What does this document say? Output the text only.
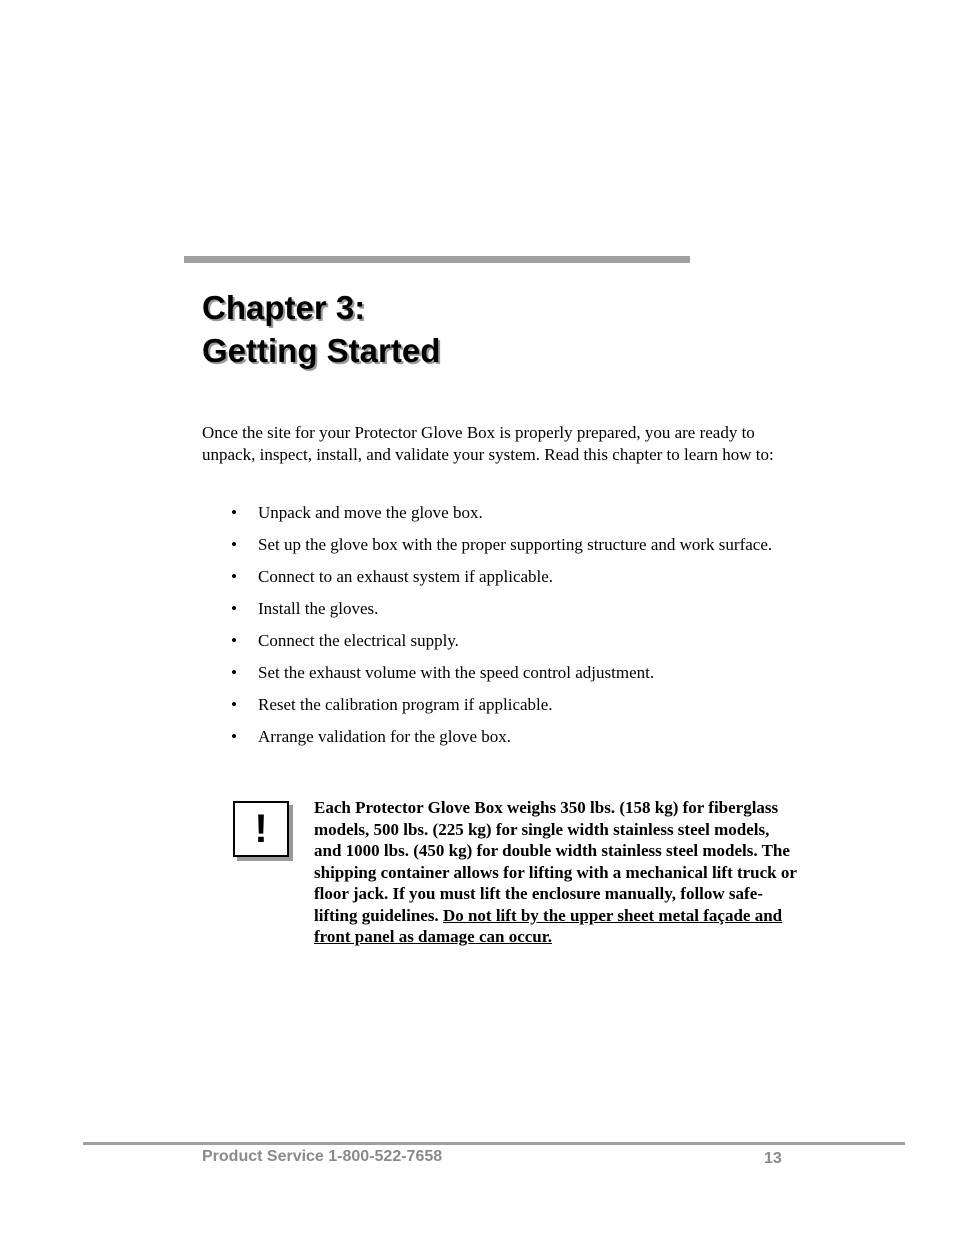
Chapter 3:
Getting Started

Once the site for your Protector Glove Box is properly prepared, you are ready to unpack, inspect, install, and validate your system. Read this chapter to learn how to:

• Unpack and move the glove box.
• Set up the glove box with the proper supporting structure and work surface.
• Connect to an exhaust system if applicable.
• Install the gloves.
• Connect the electrical supply.
• Set the exhaust volume with the speed control adjustment.
• Reset the calibration program if applicable.
• Arrange validation for the glove box.
!	Each Protector Glove Box weighs 350 lbs. (158 kg) for fiberglass models, 500 lbs. (225 kg) for single width stainless steel models, and 1000 lbs. (450 kg) for double width stainless steel models. The shipping container allows for lifting with a mechanical lift truck or floor jack. If you must lift the enclosure manually, follow safe-lifting guidelines. Do not lift by the upper sheet metal façade and front panel as damage can occur.

Product Service 1-800-522-7658	13
